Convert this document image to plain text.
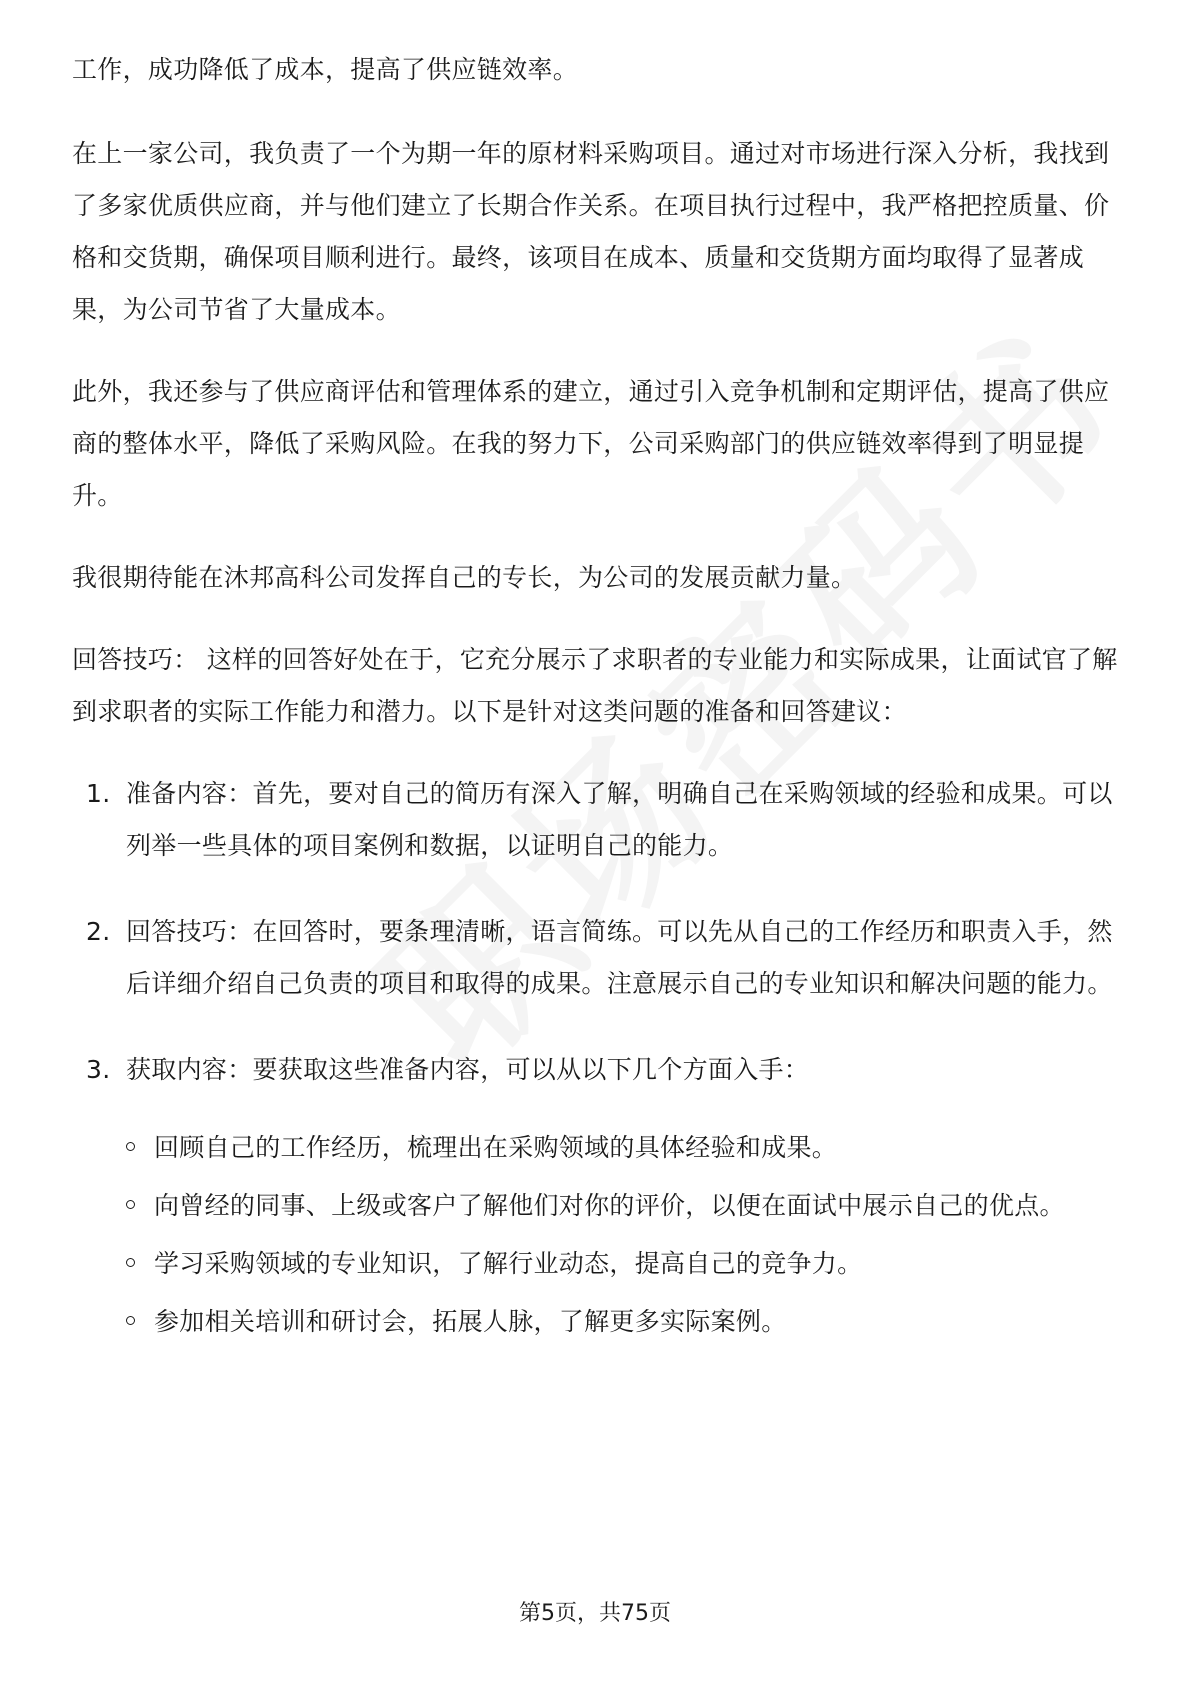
工作，成功降低了成本，提高了供应链效率。

在上一家公司，我负责了一个为期一年的原材料采购项目。通过对市场进行深入分析，我找到了多家优质供应商，并与他们建立了长期合作关系。在项目执行过程中，我严格把控质量、价格和交货期，确保项目顺利进行。最终，该项目在成本、质量和交货期方面均取得了显著成果，为公司节省了大量成本。

此外，我还参与了供应商评估和管理体系的建立，通过引入竞争机制和定期评估，提高了供应商的整体水平，降低了采购风险。在我的努力下，公司采购部门的供应链效率得到了明显提升。

我很期待能在沐邦高科公司发挥自己的专长，为公司的发展贡献力量。

回答技巧： 这样的回答好处在于，它充分展示了求职者的专业能力和实际成果，让面试官了解到求职者的实际工作能力和潜力。以下是针对这类问题的准备和回答建议：

1. 准备内容：首先，要对自己的简历有深入了解，明确自己在采购领域的经验和成果。可以列举一些具体的项目案例和数据，以证明自己的能力。
2. 回答技巧：在回答时，要条理清晰，语言简练。可以先从自己的工作经历和职责入手，然后详细介绍自己负责的项目和取得的成果。注意展示自己的专业知识和解决问题的能力。
3. 获取内容：要获取这些准备内容，可以从以下几个方面入手：
回顾自己的工作经历，梳理出在采购领域的具体经验和成果。
向曾经的同事、上级或客户了解他们对你的评价，以便在面试中展示自己的优点。
学习采购领域的专业知识，了解行业动态，提高自己的竞争力。
参加相关培训和研讨会，拓展人脉，了解更多实际案例。
第5页，共75页
